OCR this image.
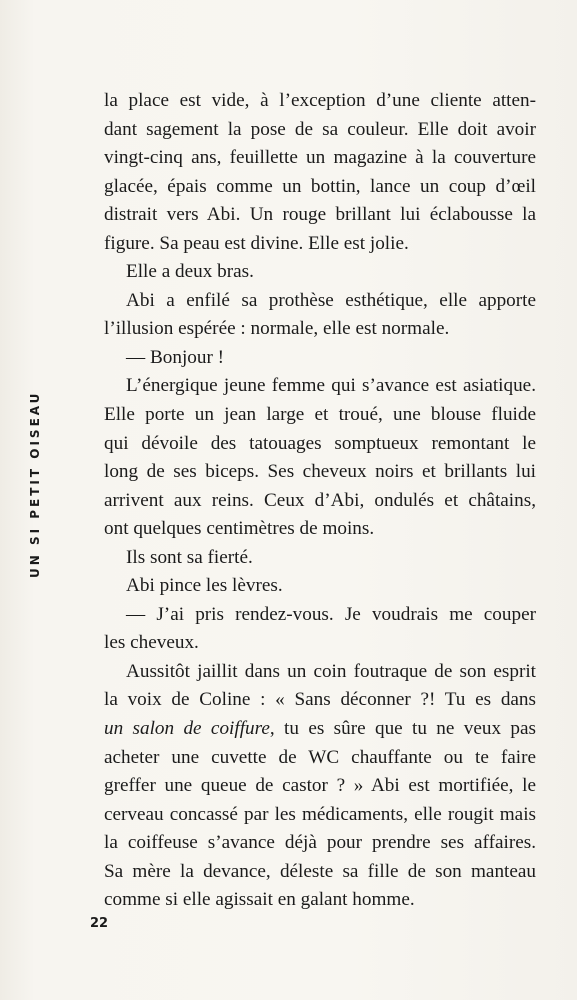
UN SI PETIT OISEAU
la place est vide, à l’exception d’une cliente atten-
dant sagement la pose de sa couleur. Elle doit avoir
vingt-cinq ans, feuillette un magazine à la couverture
glacée, épais comme un bottin, lance un coup d’œil
distrait vers Abi. Un rouge brillant lui éclabousse la
figure. Sa peau est divine. Elle est jolie.
Elle a deux bras.
Abi a enfilé sa prothèse esthétique, elle apporte
l’illusion espérée : normale, elle est normale.
— Bonjour !
L’énergique jeune femme qui s’avance est asiatique.
Elle porte un jean large et troué, une blouse fluide
qui dévoile des tatouages somptueux remontant le
long de ses biceps. Ses cheveux noirs et brillants lui
arrivent aux reins. Ceux d’Abi, ondulés et châtains,
ont quelques centimètres de moins.
Ils sont sa fierté.
Abi pince les lèvres.
— J’ai pris rendez-vous. Je voudrais me couper
les cheveux.
Aussitôt jaillit dans un coin foutraque de son esprit
la voix de Coline : « Sans déconner ?! Tu es dans
un salon de coiffure, tu es sûre que tu ne veux pas
acheter une cuvette de WC chauffante ou te faire
greffer une queue de castor ? » Abi est mortifiée, le
cerveau concassé par les médicaments, elle rougit mais
la coiffeuse s’avance déjà pour prendre ses affaires.
Sa mère la devance, déleste sa fille de son manteau
comme si elle agissait en galant homme.
22
